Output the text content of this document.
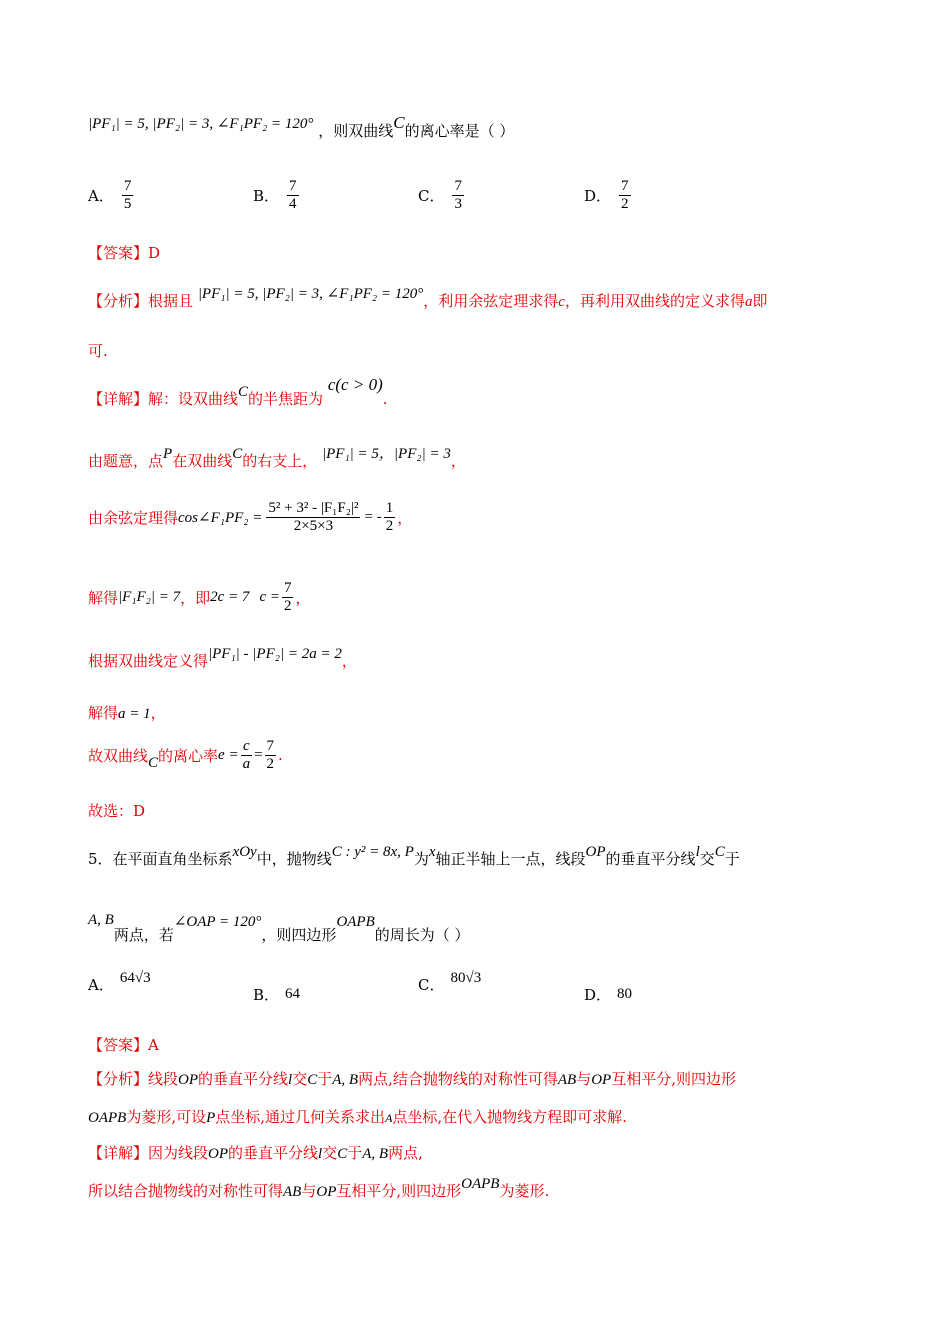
|PF₁| = 5, |PF₂| = 3, ∠F₁PF₂ = 120° ，则双曲线C的离心率是（ ）
A． $\frac{7}{5}$	B． $\frac{7}{4}$	C． $\frac{7}{3}$	D． $\frac{7}{2}$
【答案】D
【分析】根据且 |PF₁| = 5, |PF₂| = 3, ∠F₁PF₂ = 120°，利用余弦定理求得c，再利用双曲线的定义求得a即
可.
【详解】解：设双曲线C的半焦距为 c(c > 0).
由题意，点P在双曲线C的右支上， |PF₁| = 5，|PF₂| = 3，
由余弦定理得 cos∠F₁PF₂ = $\frac{\text{5² + 3² - |F₁F₂|²}}{2\times 5\times 3}$ = - $\frac{1}{2}$ ，
解得 |F₁F₂| = 7 ，即 2c = 7 $c = \frac{7}{2}$ ，
根据双曲线定义得|PF₁| - |PF₂| = 2a = 2，
解得a = 1，
故双曲线 C 的离心率 $e = \frac{c}{a} = \frac{7}{2}$ .
故选：D
5．在平面直角坐标系xOy中，抛物线C : y² = 8x, P为x轴正半轴上一点，线段OP的垂直平分线l交C于
A, B两点，若∠OAP = 120°，则四边形OAPB的周长为（ ）
A． 64√3
B． 64	C． 80√3
D． 80
【答案】A
【分析】线段OP的垂直平分线l交C于A, B两点,结合抛物线的对称性可得AB与OP互相平分,则四边形
OAPB为菱形,可设P点坐标,通过几何关系求出A点坐标,在代入抛物线方程即可求解.
【详解】因为线段OP的垂直平分线l交C于A, B两点,
所以结合抛物线的对称性可得AB与OP互相平分,则四边形OAPB为菱形.
